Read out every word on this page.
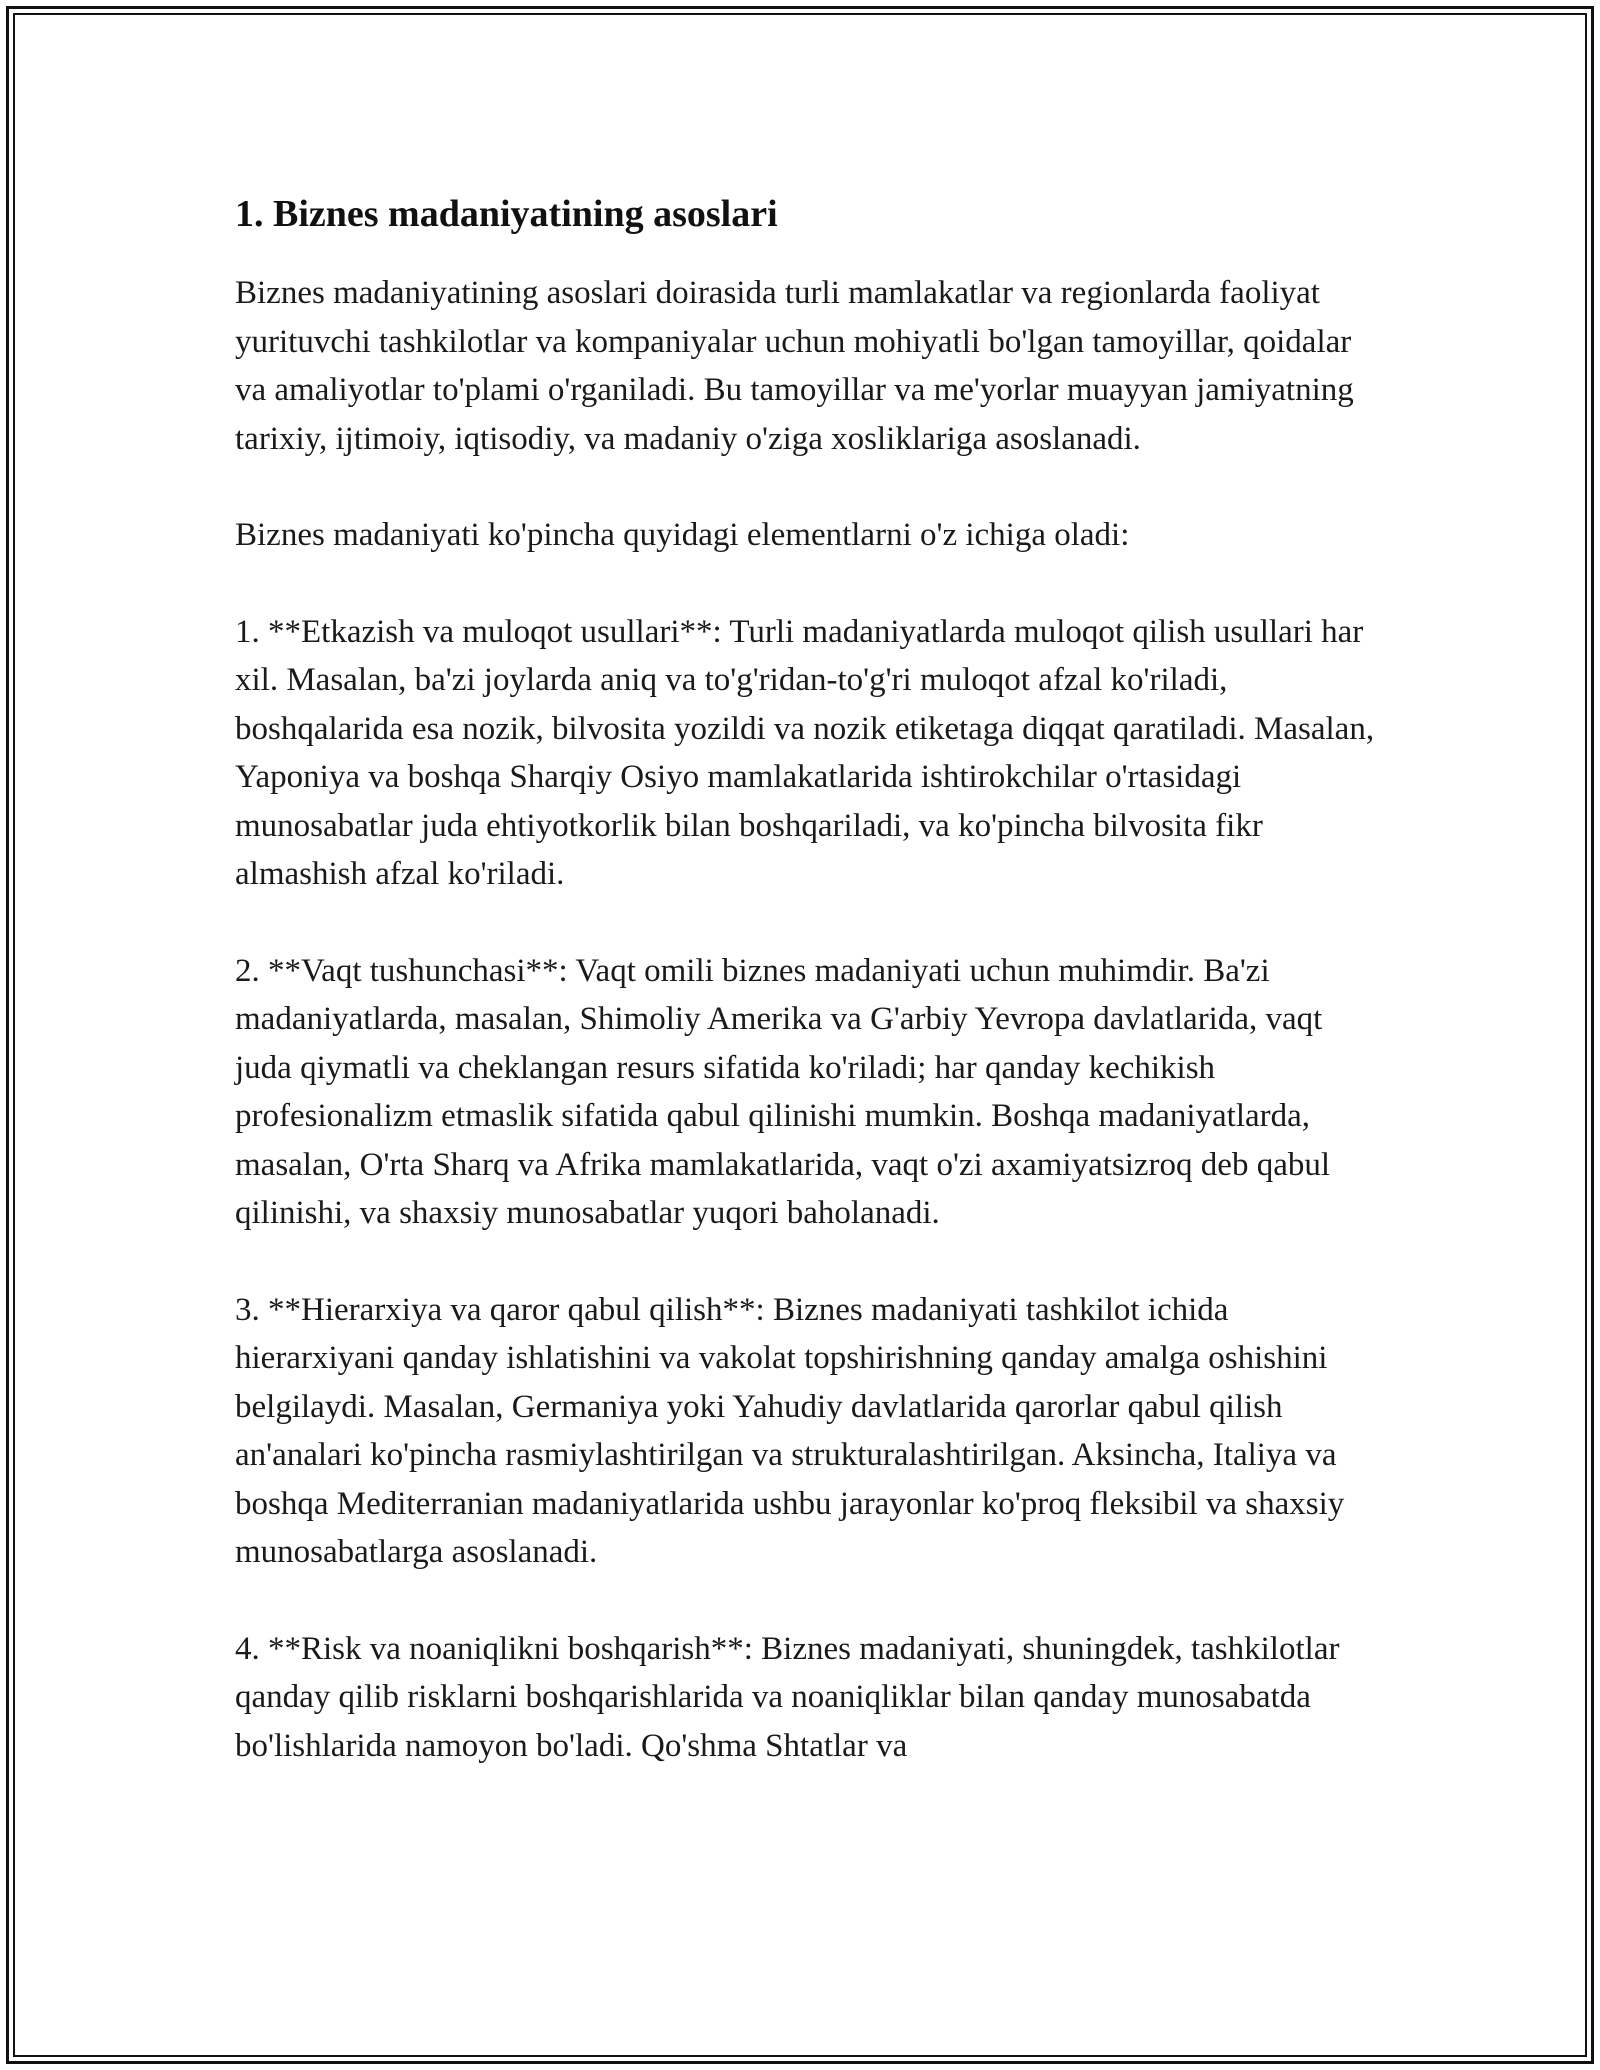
1. Biznes madaniyatining asoslari

Biznes madaniyatining asoslari doirasida turli mamlakatlar va regionlarda faoliyat yurituvchi tashkilotlar va kompaniyalar uchun mohiyatli bo'lgan tamoyillar, qoidalar va amaliyotlar to'plami o'rganiladi. Bu tamoyillar va me'yorlar muayyan jamiyatning tarixiy, ijtimoiy, iqtisodiy, va madaniy o'ziga xosliklariga asoslanadi.

Biznes madaniyati ko'pincha quyidagi elementlarni o'z ichiga oladi:

1. **Etkazish va muloqot usullari**: Turli madaniyatlarda muloqot qilish usullari har xil. Masalan, ba'zi joylarda aniq va to'g'ridan-to'g'ri muloqot afzal ko'riladi, boshqalarida esa nozik, bilvosita yozildi va nozik etiketaga diqqat qaratiladi. Masalan, Yaponiya va boshqa Sharqiy Osiyo mamlakatlarida ishtirokchilar o'rtasidagi munosabatlar juda ehtiyotkorlik bilan boshqariladi, va ko'pincha bilvosita fikr almashish afzal ko'riladi.

2. **Vaqt tushunchasi**: Vaqt omili biznes madaniyati uchun muhimdir. Ba'zi madaniyatlarda, masalan, Shimoliy Amerika va G'arbiy Yevropa davlatlarida, vaqt juda qiymatli va cheklangan resurs sifatida ko'riladi; har qanday kechikish profesionalizm etmaslik sifatida qabul qilinishi mumkin. Boshqa madaniyatlarda, masalan, O'rta Sharq va Afrika mamlakatlarida, vaqt o'zi axamiyatsizroq deb qabul qilinishi, va shaxsiy munosabatlar yuqori baholanadi.

3. **Hierarxiya va qaror qabul qilish**: Biznes madaniyati tashkilot ichida hierarxiyani qanday ishlatishini va vakolat topshirishning qanday amalga oshishini belgilaydi. Masalan, Germaniya yoki Yahudiy davlatlarida qarorlar qabul qilish an'analari ko'pincha rasmiylashtirilgan va strukturalashtirilgan. Aksincha, Italiya va boshqa Mediterranian madaniyatlarida ushbu jarayonlar ko'proq fleksibil va shaxsiy munosabatlarga asoslanadi.

4. **Risk va noaniqlikni boshqarish**: Biznes madaniyati, shuningdek, tashkilotlar qanday qilib risklarni boshqarishlarida va noaniqliklar bilan qanday munosabatda bo'lishlarida namoyon bo'ladi. Qo'shma Shtatlar va
